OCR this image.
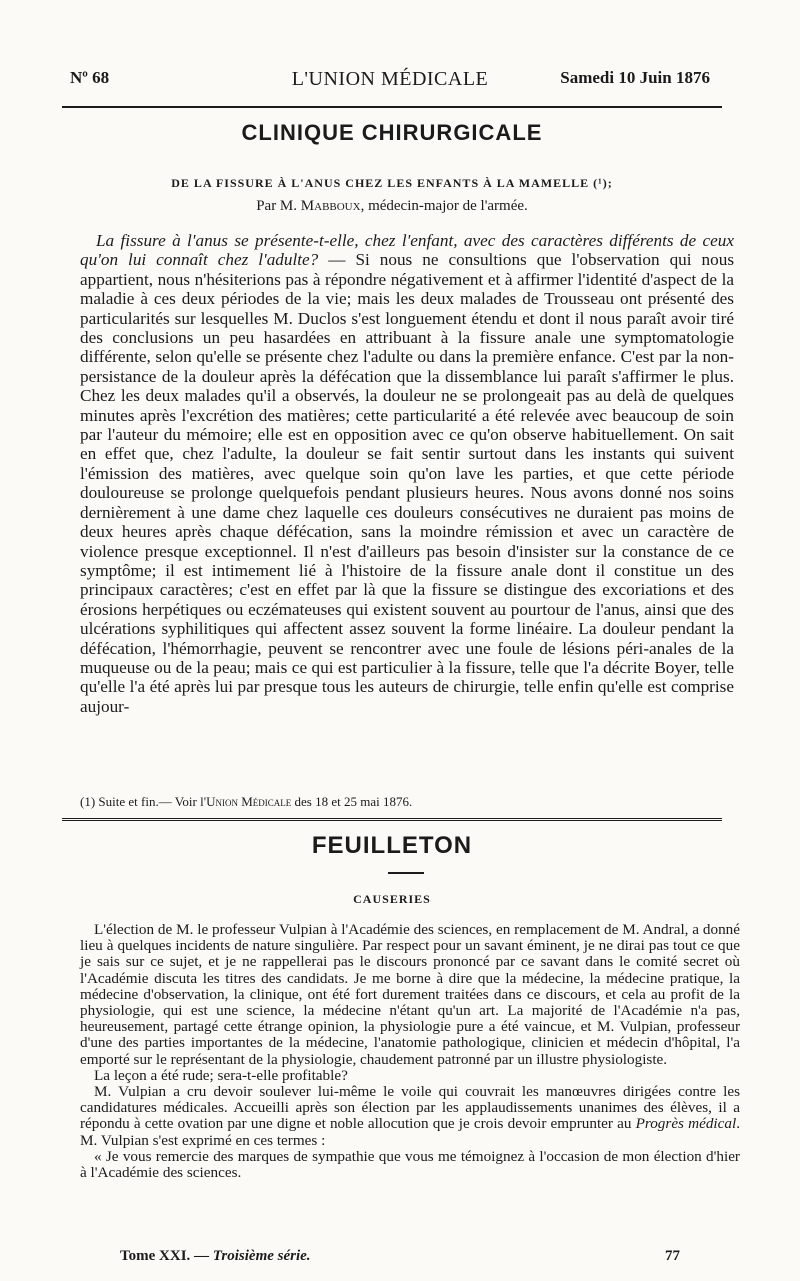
Nº 68	L'UNION MÉDICALE	Samedi 10 Juin 1876
CLINIQUE CHIRURGICALE
DE LA FISSURE À L'ANUS CHEZ LES ENFANTS À LA MAMELLE (¹);
Par M. Mabboux, médecin-major de l'armée.

La fissure à l'anus se présente-t-elle, chez l'enfant, avec des caractères différents de ceux qu'on lui connaît chez l'adulte? — Si nous ne consultions que l'observation qui nous appartient, nous n'hésiterions pas à répondre négativement et à affirmer l'identité d'aspect de la maladie à ces deux périodes de la vie; mais les deux malades de Trousseau ont présenté des particularités sur lesquelles M. Duclos s'est longuement étendu et dont il nous paraît avoir tiré des conclusions un peu hasardées en attribuant à la fissure anale une symptomatologie différente, selon qu'elle se présente chez l'adulte ou dans la première enfance. C'est par la non-persistance de la douleur après la défécation que la dissemblance lui paraît s'affirmer le plus. Chez les deux malades qu'il a observés, la douleur ne se prolongeait pas au delà de quelques minutes après l'excrétion des matières; cette particularité a été relevée avec beaucoup de soin par l'auteur du mémoire; elle est en opposition avec ce qu'on observe habituellement. On sait en effet que, chez l'adulte, la douleur se fait sentir surtout dans les instants qui suivent l'émission des matières, avec quelque soin qu'on lave les parties, et que cette période douloureuse se prolonge quelquefois pendant plusieurs heures. Nous avons donné nos soins dernièrement à une dame chez laquelle ces douleurs consécutives ne duraient pas moins de deux heures après chaque défécation, sans la moindre rémission et avec un caractère de violence presque exceptionnel. Il n'est d'ailleurs pas besoin d'insister sur la constance de ce symptôme; il est intimement lié à l'histoire de la fissure anale dont il constitue un des principaux caractères; c'est en effet par là que la fissure se distingue des excoriations et des érosions herpétiques ou eczémateuses qui existent souvent au pourtour de l'anus, ainsi que des ulcérations syphilitiques qui affectent assez souvent la forme linéaire. La douleur pendant la défécation, l'hémorrhagie, peuvent se rencontrer avec une foule de lésions péri-anales de la muqueuse ou de la peau; mais ce qui est particulier à la fissure, telle que l'a décrite Boyer, telle qu'elle l'a été après lui par presque tous les auteurs de chirurgie, telle enfin qu'elle est comprise aujour-

(1) Suite et fin.— Voir l'Union Médicale des 18 et 25 mai 1876.
FEUILLETON
CAUSERIES

L'élection de M. le professeur Vulpian à l'Académie des sciences, en remplacement de M. Andral, a donné lieu à quelques incidents de nature singulière. Par respect pour un savant éminent, je ne dirai pas tout ce que je sais sur ce sujet, et je ne rappellerai pas le discours prononcé par ce savant dans le comité secret où l'Académie discuta les titres des candidats. Je me borne à dire que la médecine, la médecine pratique, la médecine d'observation, la clinique, ont été fort durement traitées dans ce discours, et cela au profit de la physiologie, qui est une science, la médecine n'étant qu'un art. La majorité de l'Académie n'a pas, heureusement, partagé cette étrange opinion, la physiologie pure a été vaincue, et M. Vulpian, professeur d'une des parties importantes de la médecine, l'anatomie pathologique, clinicien et médecin d'hôpital, l'a emporté sur le représentant de la physiologie, chaudement patronné par un illustre physiologiste.

La leçon a été rude; sera-t-elle profitable?

M. Vulpian a cru devoir soulever lui-même le voile qui couvrait les manœuvres dirigées contre les candidatures médicales. Accueilli après son élection par les applaudissements unanimes des élèves, il a répondu à cette ovation par une digne et noble allocution que je crois devoir emprunter au Progrès médical. M. Vulpian s'est exprimé en ces termes :

« Je vous remercie des marques de sympathie que vous me témoignez à l'occasion de mon élection d'hier à l'Académie des sciences.

Tome XXI. — Troisième série.	77
